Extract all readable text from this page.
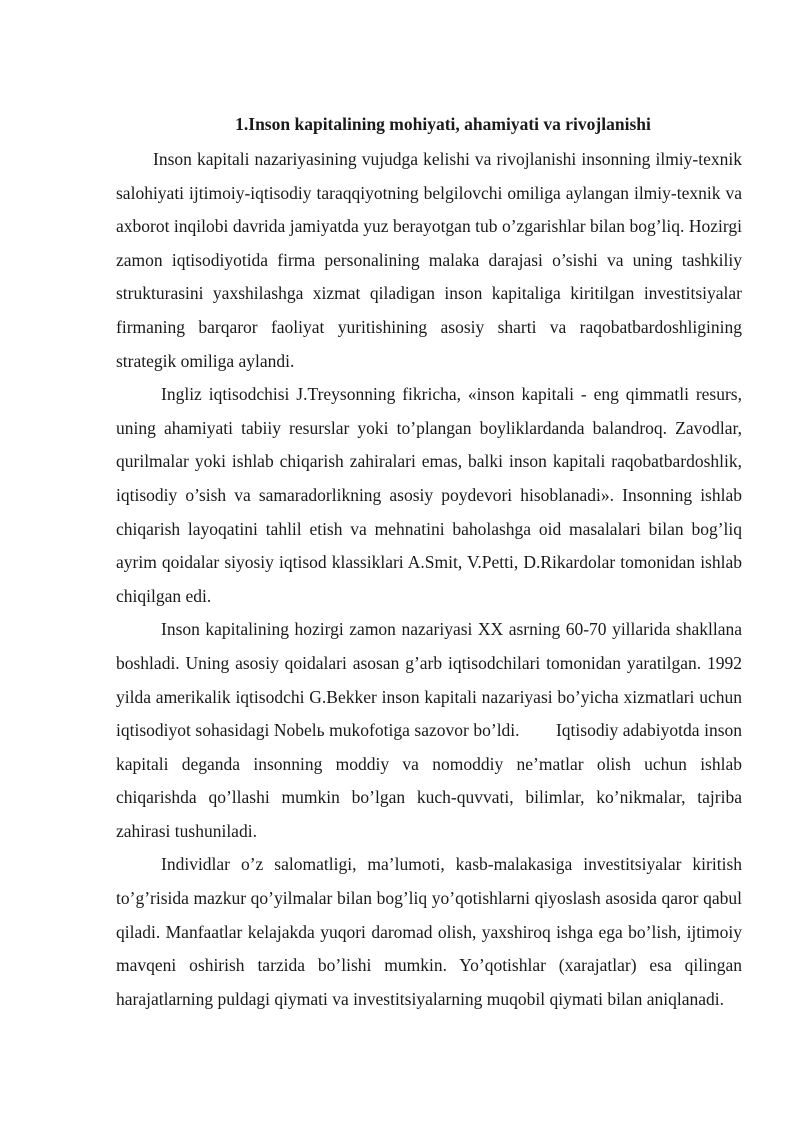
1.Inson kapitalining mohiyati, ahamiyati va rivojlanishi

Inson kapitali nazariyasining vujudga kelishi va rivojlanishi insonning ilmiy-texnik salohiyati ijtimoiy-iqtisodiy taraqqiyotning belgilovchi omiliga aylangan ilmiy-texnik va axborot inqilobi davrida jamiyatda yuz berayotgan tub o’zgarishlar bilan bog’liq. Hozirgi zamon iqtisodiyotida firma personalining malaka darajasi o’sishi va uning tashkiliy strukturasini yaxshilashga xizmat qiladigan inson kapitaliga kiritilgan investitsiyalar firmaning barqaror faoliyat yuritishining asosiy sharti va raqobatbardoshligining strategik omiliga aylandi.

Ingliz iqtisodchisi J.Treysonning fikricha, «inson kapitali - eng qimmatli resurs, uning ahamiyati tabiiy resurslar yoki to’plangan boyliklardanda balandroq. Zavodlar, qurilmalar yoki ishlab chiqarish zahiralari emas, balki inson kapitali raqobatbardoshlik, iqtisodiy o’sish va samaradorlikning asosiy poydevori hisoblanadi». Insonning ishlab chiqarish layoqatini tahlil etish va mehnatini baholashga oid masalalari bilan bog’liq ayrim qoidalar siyosiy iqtisod klassiklari A.Smit, V.Petti, D.Rikardolar tomonidan ishlab chiqilgan edi.

Inson kapitalining hozirgi zamon nazariyasi XX asrning 60-70 yillarida shakllana boshladi. Uning asosiy qoidalari asosan g’arb iqtisodchilari tomonidan yaratilgan. 1992 yilda amerikalik iqtisodchi G.Bekker inson kapitali nazariyasi bo’yicha xizmatlari uchun iqtisodiyot sohasidagi Nobelь mukofotiga sazovor bo’ldi.        Iqtisodiy adabiyotda inson kapitali deganda insonning moddiy va nomoddiy ne’matlar olish uchun ishlab chiqarishda qo’llashi mumkin bo’lgan kuch-quvvati, bilimlar, ko’nikmalar, tajriba zahirasi tushuniladi.

Individlar o’z salomatligi, ma’lumoti, kasb-malakasiga investitsiyalar kiritish to’g’risida mazkur qo’yilmalar bilan bog’liq yo’qotishlarni qiyoslash asosida qaror qabul qiladi. Manfaatlar kelajakda yuqori daromad olish, yaxshiroq ishga ega bo’lish, ijtimoiy mavqeni oshirish tarzida bo’lishi mumkin. Yo’qotishlar (xarajatlar) esa qilingan harajatlarning puldagi qiymati va investitsiyalarning muqobil qiymati bilan aniqlanadi.
